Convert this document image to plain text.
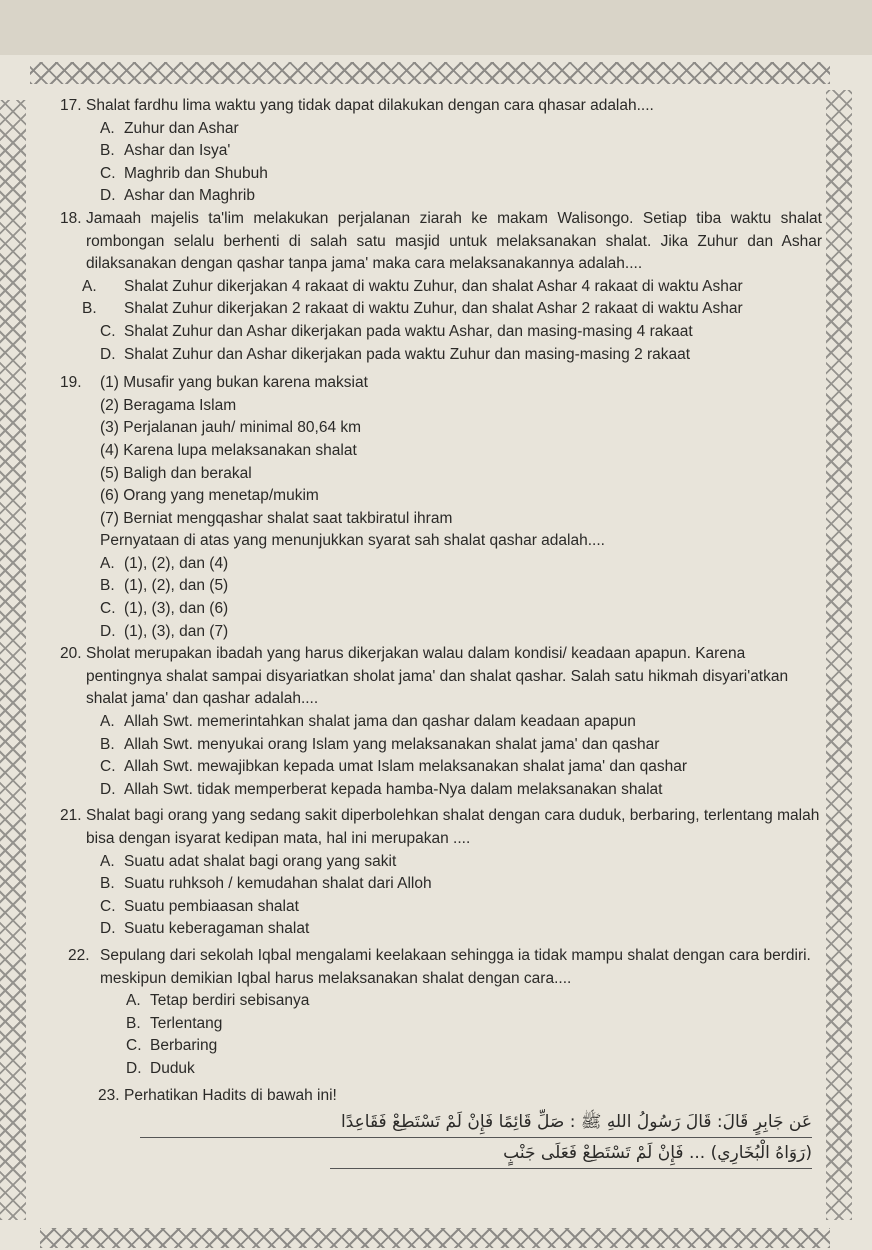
17. Shalat fardhu lima waktu yang tidak dapat dilakukan dengan cara qhasar adalah....
A. Zuhur dan Ashar
B. Ashar dan Isya'
C. Maghrib dan Shubuh
D. Ashar dan Maghrib
18. Jamaah majelis ta'lim melakukan perjalanan ziarah ke makam Walisongo. Setiap tiba waktu shalat rombongan selalu berhenti di salah satu masjid untuk melaksanakan shalat. Jika Zuhur dan Ashar dilaksanakan dengan qashar tanpa jama' maka cara melaksanakannya adalah....
A. Shalat Zuhur dikerjakan 4 rakaat di waktu Zuhur, dan shalat Ashar 4 rakaat di waktu Ashar
B. Shalat Zuhur dikerjakan 2 rakaat di waktu Zuhur, dan shalat Ashar 2 rakaat di waktu Ashar
C. Shalat Zuhur dan Ashar dikerjakan pada waktu Ashar, dan masing-masing 4 rakaat
D. Shalat Zuhur dan Ashar dikerjakan pada waktu Zuhur dan masing-masing 2 rakaat
19. (1) Musafir yang bukan karena maksiat
(2) Beragama Islam
(3) Perjalanan jauh/ minimal 80,64 km
(4) Karena lupa melaksanakan shalat
(5) Baligh dan berakal
(6) Orang yang menetap/mukim
(7) Berniat mengqashar shalat saat takbiratul ihram
Pernyataan di atas yang menunjukkan syarat sah shalat qashar adalah....
A. (1), (2), dan (4)
B. (1), (2), dan (5)
C. (1), (3), dan (6)
D. (1), (3), dan (7)
20. Sholat merupakan ibadah yang harus dikerjakan walau dalam kondisi/ keadaan apapun. Karena pentingnya shalat sampai disyariatkan sholat jama' dan shalat qashar. Salah satu hikmah disyari'atkan shalat jama' dan qashar adalah....
A. Allah Swt. memerintahkan shalat jama dan qashar dalam keadaan apapun
B. Allah Swt. menyukai orang Islam yang melaksanakan shalat jama' dan qashar
C. Allah Swt. mewajibkan kepada umat Islam melaksanakan shalat jama' dan qashar
D. Allah Swt. tidak memperberat kepada hamba-Nya dalam melaksanakan shalat
21. Shalat bagi orang yang sedang sakit diperbolehkan shalat dengan cara duduk, berbaring, terlentang malah bisa dengan isyarat kedipan mata, hal ini merupakan ....
A. Suatu adat shalat bagi orang yang sakit
B. Suatu ruhksoh / kemudahan shalat dari Alloh
C. Suatu pembiaasan shalat
D. Suatu keberagaman shalat
22. Sepulang dari sekolah Iqbal mengalami keelakaan sehingga ia tidak mampu shalat dengan cara berdiri. meskipun demikian Iqbal harus melaksanakan shalat dengan cara....
A. Tetap berdiri sebisanya
B. Terlentang
C. Berbaring
D. Duduk
23. Perhatikan Hadits di bawah ini!
عَن جَابِرٍ قَالَ: قَالَ رَسُولُ اللهِ ﷺ : صَلِّ قَائِمًا فَإِنْ لَمْ تَسْتَطِعْ فَقَاعِدًا
(رَوَاهُ الْبُخَارِي) ... فَإِنْ لَمْ تَسْتَطِعْ فَعَلَى جَنْبٍ
